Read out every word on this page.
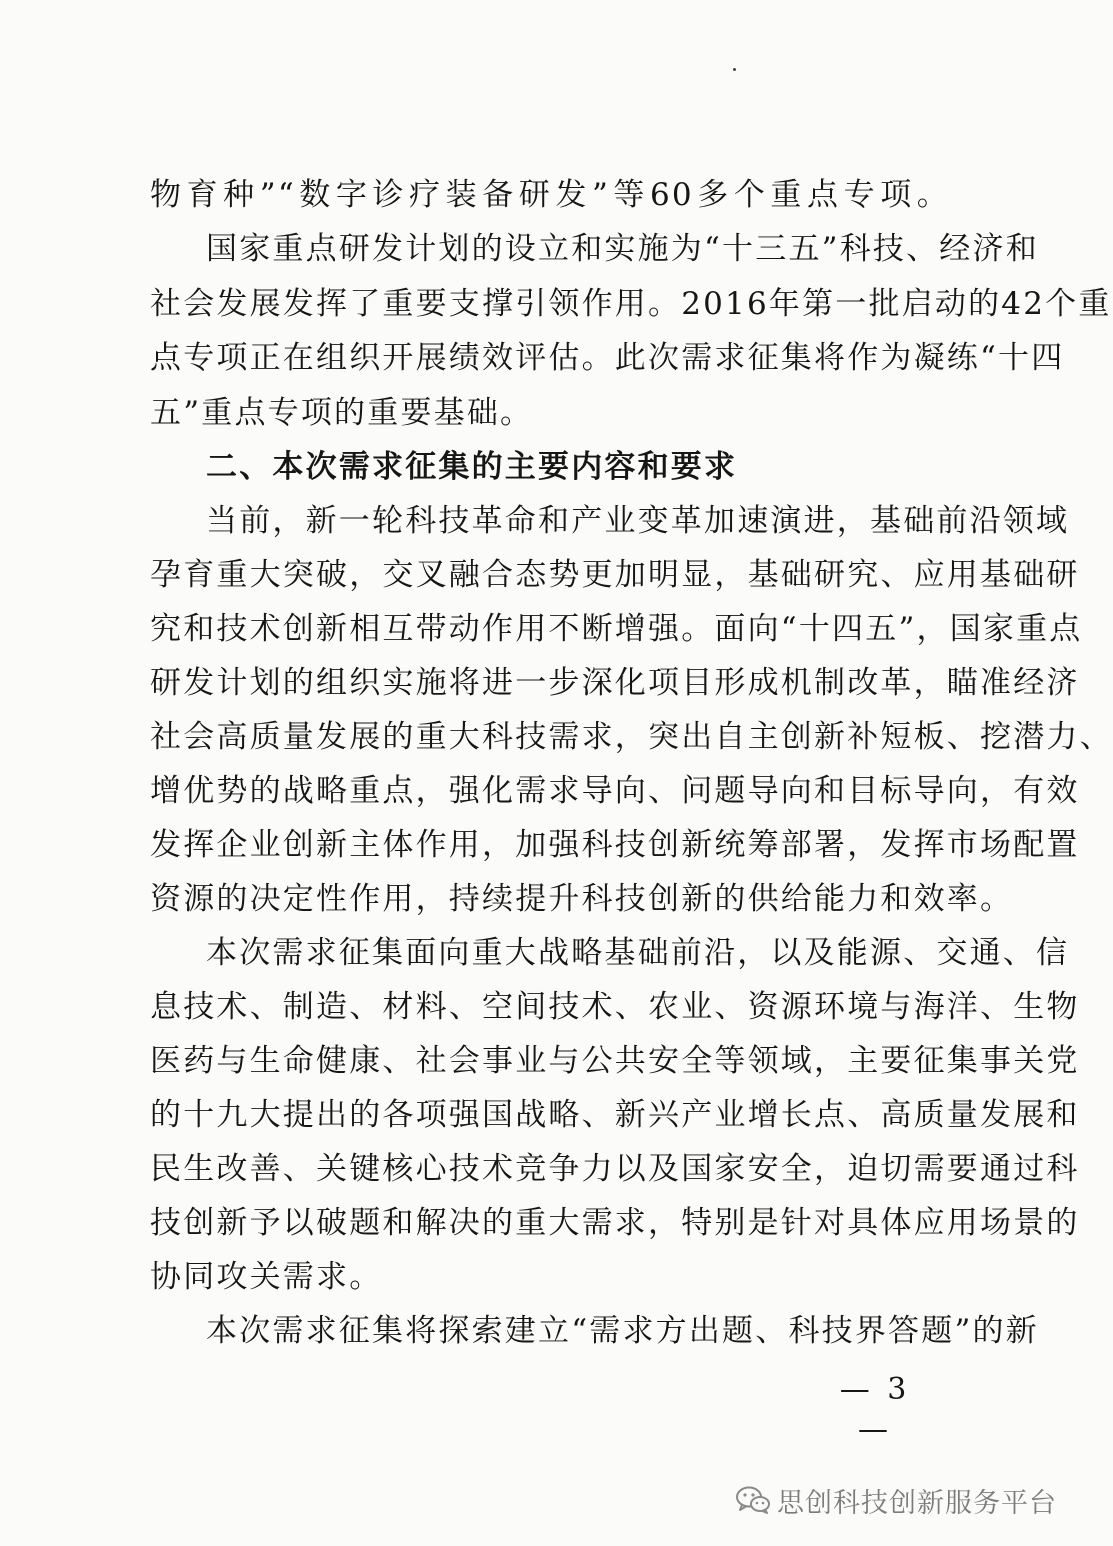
物育种”“数字诊疗装备研发”等60多个重点专项。
国家重点研发计划的设立和实施为“十三五”科技、经济和
社会发展发挥了重要支撑引领作用。2016年第一批启动的42个重
点专项正在组织开展绩效评估。此次需求征集将作为凝练“十四
五”重点专项的重要基础。
二、本次需求征集的主要内容和要求
当前，新一轮科技革命和产业变革加速演进，基础前沿领域
孕育重大突破，交叉融合态势更加明显，基础研究、应用基础研
究和技术创新相互带动作用不断增强。面向“十四五”，国家重点
研发计划的组织实施将进一步深化项目形成机制改革，瞄准经济
社会高质量发展的重大科技需求，突出自主创新补短板、挖潜力、
增优势的战略重点，强化需求导向、问题导向和目标导向，有效
发挥企业创新主体作用，加强科技创新统筹部署，发挥市场配置
资源的决定性作用，持续提升科技创新的供给能力和效率。
本次需求征集面向重大战略基础前沿，以及能源、交通、信
息技术、制造、材料、空间技术、农业、资源环境与海洋、生物
医药与生命健康、社会事业与公共安全等领域，主要征集事关党
的十九大提出的各项强国战略、新兴产业增长点、高质量发展和
民生改善、关键核心技术竞争力以及国家安全，迫切需要通过科
技创新予以破题和解决的重大需求，特别是针对具体应用场景的
协同攻关需求。
本次需求征集将探索建立“需求方出题、科技界答题”的新
— 3 —
思创科技创新服务平台
